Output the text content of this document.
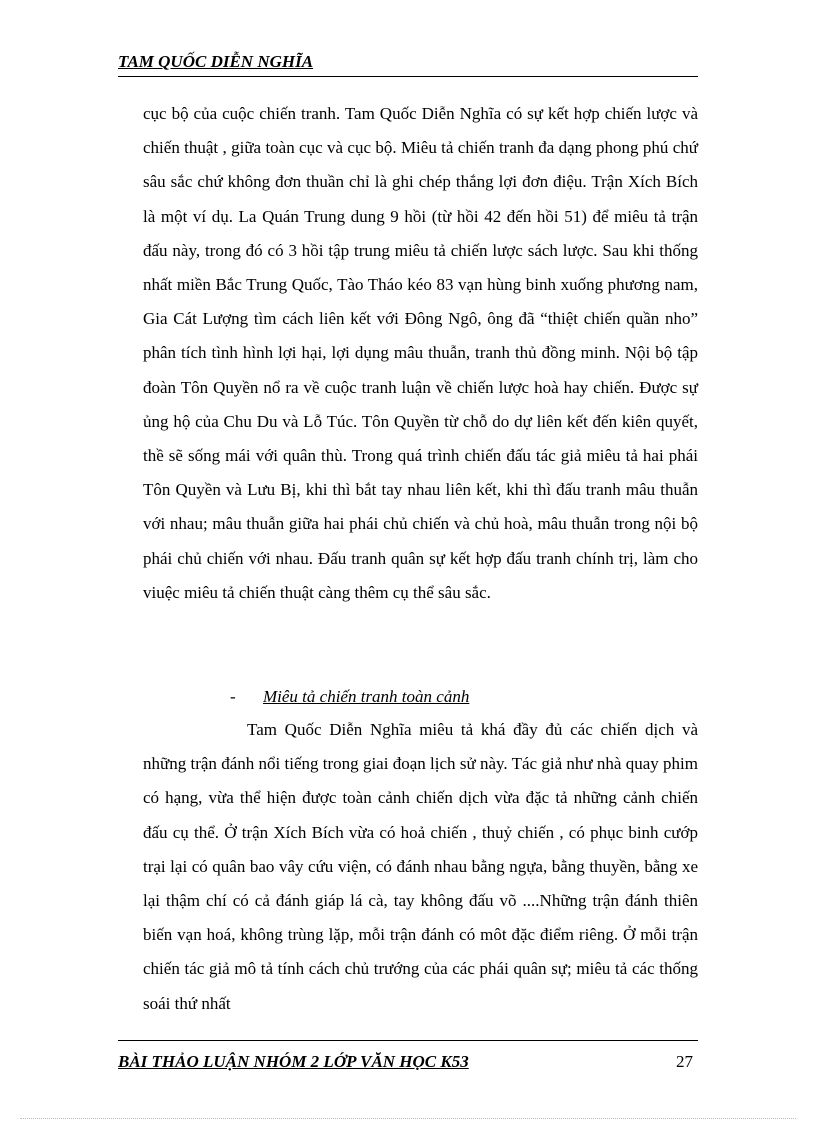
TAM QUỐC DIỄN NGHĨA
cục bộ của cuộc chiến tranh. Tam Quốc Diễn Nghĩa có sự kết hợp chiến lược và chiến thuật , giữa toàn cục và cục bộ. Miêu tả chiến tranh đa dạng phong phú chứ sâu sắc chứ không đơn thuần chỉ là ghi chép thắng lợi đơn điệu. Trận Xích Bích là một ví dụ. La Quán Trung dung 9 hồi (từ hồi 42 đến hồi 51) để miêu tả trận đấu này, trong đó có 3 hồi tập trung miêu tả chiến lược sách lược. Sau khi thống nhất miền Bắc Trung Quốc, Tào Tháo kéo 83 vạn hùng binh xuống phương nam, Gia Cát Lượng tìm cách liên kết với Đông Ngô, ông đã “thiệt chiến quần nho” phân tích tình hình lợi hại, lợi dụng mâu thuẫn, tranh thủ đồng minh. Nội bộ tập đoàn Tôn Quyền nổ ra về cuộc tranh luận về chiến lược hoà hay chiến. Được sự ủng hộ của Chu Du và Lỗ Túc. Tôn Quyền từ chỗ do dự liên kết đến kiên quyết, thề sẽ sống mái với quân thù. Trong quá trình chiến đấu tác giả miêu tả hai phái Tôn Quyền và Lưu Bị, khi thì bắt tay nhau liên kết, khi thì đấu tranh mâu thuẫn với nhau; mâu thuẫn giữa hai phái chủ chiến và chủ hoà, mâu thuẫn trong nội bộ phái chủ chiến với nhau. Đấu tranh quân sự kết hợp đấu tranh chính trị, làm cho viuệc miêu tả chiến thuật càng thêm cụ thể sâu sắc.
- Miêu tả chiến tranh toàn cảnh
Tam Quốc Diễn Nghĩa miêu tả khá đầy đủ các chiến dịch và những trận đánh nổi tiếng trong giai đoạn lịch sử này. Tác giả như nhà quay phim có hạng, vừa thể hiện được toàn cảnh chiến dịch vừa đặc tả những cảnh chiến đấu cụ thể. Ở trận Xích Bích vừa có hoả chiến , thuỷ chiến , có phục binh cướp trại lại có quân bao vây cứu viện, có đánh nhau bằng ngựa, bằng thuyền, bằng xe lại thậm chí có cả đánh giáp lá cà, tay không đấu võ ....Những trận đánh thiên biến vạn hoá, không trùng lặp, mỗi trận đánh có môt đặc điểm riêng. Ở mỗi trận chiến tác giả mô tả tính cách chủ trướng của các phái quân sự; miêu tả các thống soái thứ nhất
BÀI THẢO LUẬN NHÓM 2 LỚP VĂN HỌC K53	27
